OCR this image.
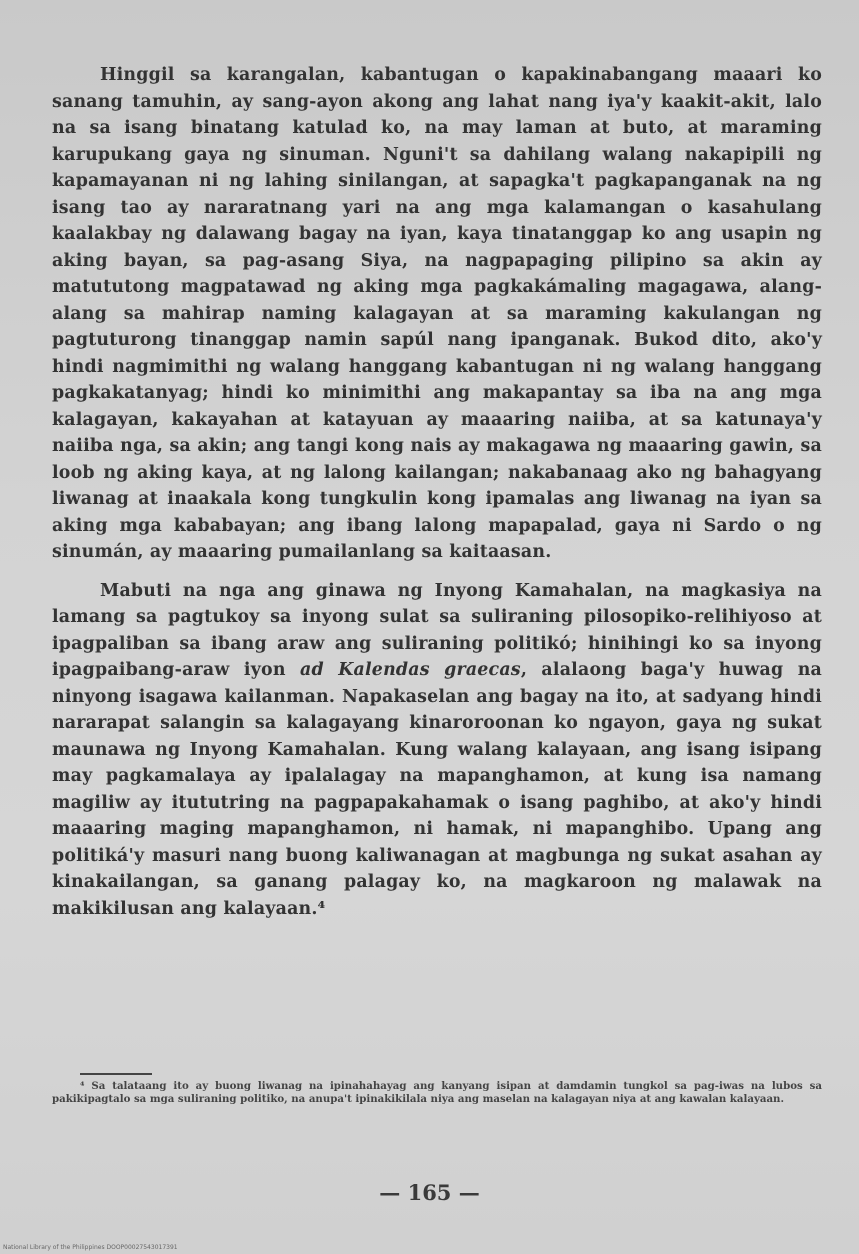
Hinggil sa karangalan, kabantugan o kapakinabangang maaari ko sanang tamuhin, ay sang-ayon akong ang lahat nang iya'y kaakit-akit, lalo na sa isang binatang katulad ko, na may laman at buto, at maraming karupukang gaya ng sinuman. Nguni't sa dahilang walang nakapipili ng kapamayanan ni ng lahing sinilangan, at sapagka't pagkapanganak na ng isang tao ay nararatnang yari na ang mga kalamangan o kasahulang kaalakbay ng dalawang bagay na iyan, kaya tinatanggap ko ang usapin ng aking bayan, sa pag-asang Siya, na nagpapaging pilipino sa akin ay matututong magpatawad ng aking mga pagkakámaling magagawa, alang-alang sa mahirap naming kalagayan at sa maraming kakulangan ng pagtuturong tinanggap namin sapúl nang ipanganak. Bukod dito, ako'y hindi nagmimithi ng walang hanggang kabantugan ni ng walang hanggang pagkakatanyag; hindi ko minimithi ang makapantay sa iba na ang mga kalagayan, kakayahan at katayuan ay maaaring naiiba, at sa katunaya'y naiiba nga, sa akin; ang tangi kong nais ay makagawa ng maaaring gawin, sa loob ng aking kaya, at ng lalong kailangan; nakabanaag ako ng bahagyang liwanag at inaakala kong tungkulin kong ipamalas ang liwanag na iyan sa aking mga kababayan; ang ibang lalong mapapalad, gaya ni Sardo o ng sinumán, ay maaaring pumailanlang sa kaitaasan.

Mabuti na nga ang ginawa ng Inyong Kamahalan, na magkasiya na lamang sa pagtukoy sa inyong sulat sa suliraning pilosopiko-relihiyoso at ipagpaliban sa ibang araw ang suliraning politikó; hinihingi ko sa inyong ipagpaibang-araw iyon ad Kalendas graecas, alalaong baga'y huwag na ninyong isagawa kailanman. Napakaselan ang bagay na ito, at sadyang hindi nararapat salangin sa kalagayang kinaroroonan ko ngayon, gaya ng sukat maunawa ng Inyong Kamahalan. Kung walang kalayaan, ang isang isipang may pagkamalaya ay ipalalagay na mapanghamon, at kung isa namang magiliw ay itututring na pagpapakahamak o isang paghibo, at ako'y hindi maaaring maging mapanghamon, ni hamak, ni mapanghibo. Upang ang politiká'y masuri nang buong kaliwanagan at magbunga ng sukat asahan ay kinakailangan, sa ganang palagay ko, na magkaroon ng malawak na makikilusan ang kalayaan.⁴

⁴ Sa talataang ito ay buong liwanag na ipinahahayag ang kanyang isipan at damdamin tungkol sa pag-iwas na lubos sa pakikipagtalo sa mga suliraning politiko, na anupa't ipinakikilala niya ang maselan na kalagayan niya at ang kawalan kalayaan.

— 165 —
National Library of the Philippines DOOP00027543017391
